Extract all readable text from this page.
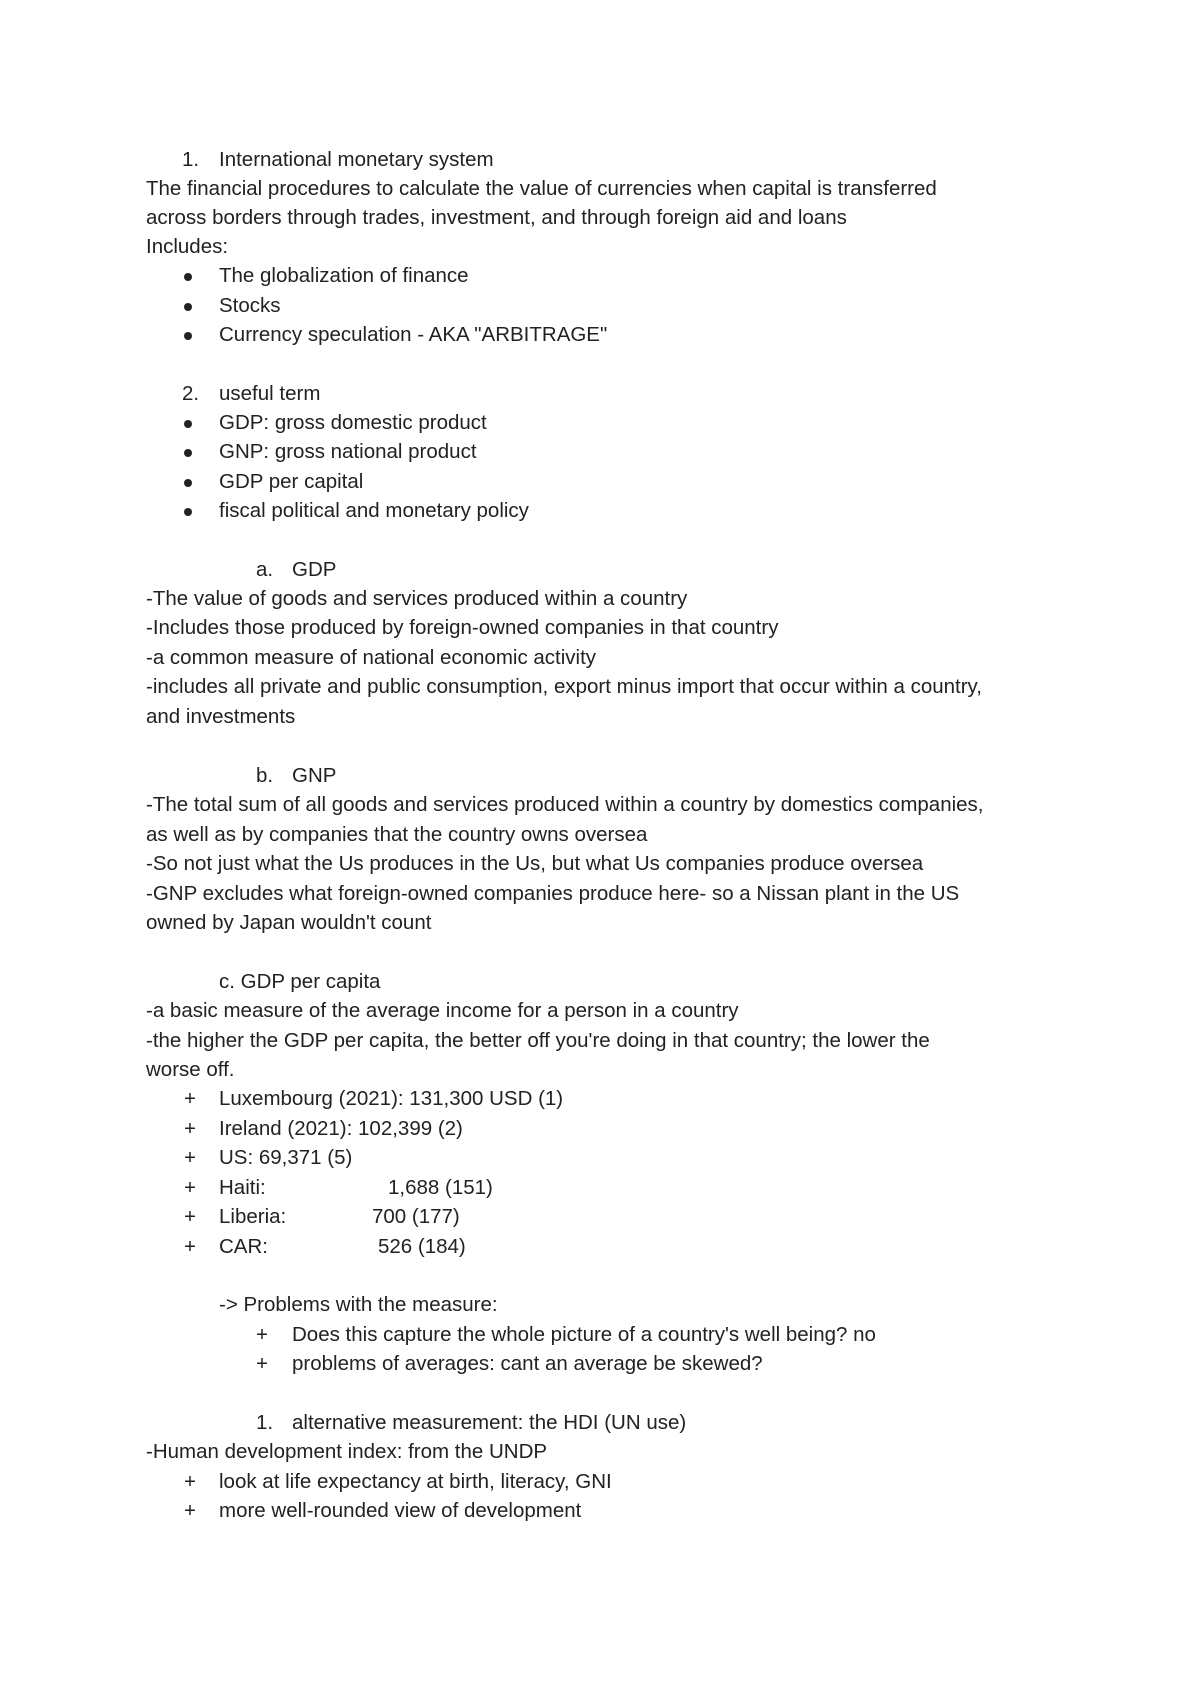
1. International monetary system
The financial procedures to calculate the value of currencies when capital is transferred
across borders through trades, investment, and through foreign aid and loans
Includes:
The globalization of finance
Stocks
Currency speculation - AKA "ARBITRAGE"
2. useful term
GDP: gross domestic product
GNP: gross national product
GDP per capital
fiscal political and monetary policy
a. GDP
-The value of goods and services produced within a country
-Includes those produced by foreign-owned companies in that country
-a common measure of national economic activity
-includes all private and public consumption, export minus import that occur within a country,
and investments
b. GNP
-The total sum of all goods and services produced within a country by domestics companies,
as well as by companies that the country owns oversea
-So not just what the Us produces in the Us, but what Us companies produce oversea
-GNP excludes what foreign-owned companies produce here- so a Nissan plant in the US
owned by Japan wouldn't count
c. GDP per capita
-a basic measure of the average income for a person in a country
-the higher the GDP per capita, the better off you're doing in that country; the lower the
worse off.
+ Luxembourg (2021): 131,300 USD (1)
+ Ireland (2021): 102,399 (2)
+ US: 69,371 (5)
+ Haiti:	1,688 (151)
+ Liberia:	700 (177)
+ CAR:	526 (184)
-> Problems with the measure:
+ Does this capture the whole picture of a country's well being? no
+ problems of averages: cant an average be skewed?
1. alternative measurement: the HDI (UN use)
-Human development index: from the UNDP
+ look at life expectancy at birth, literacy, GNI
+ more well-rounded view of development
